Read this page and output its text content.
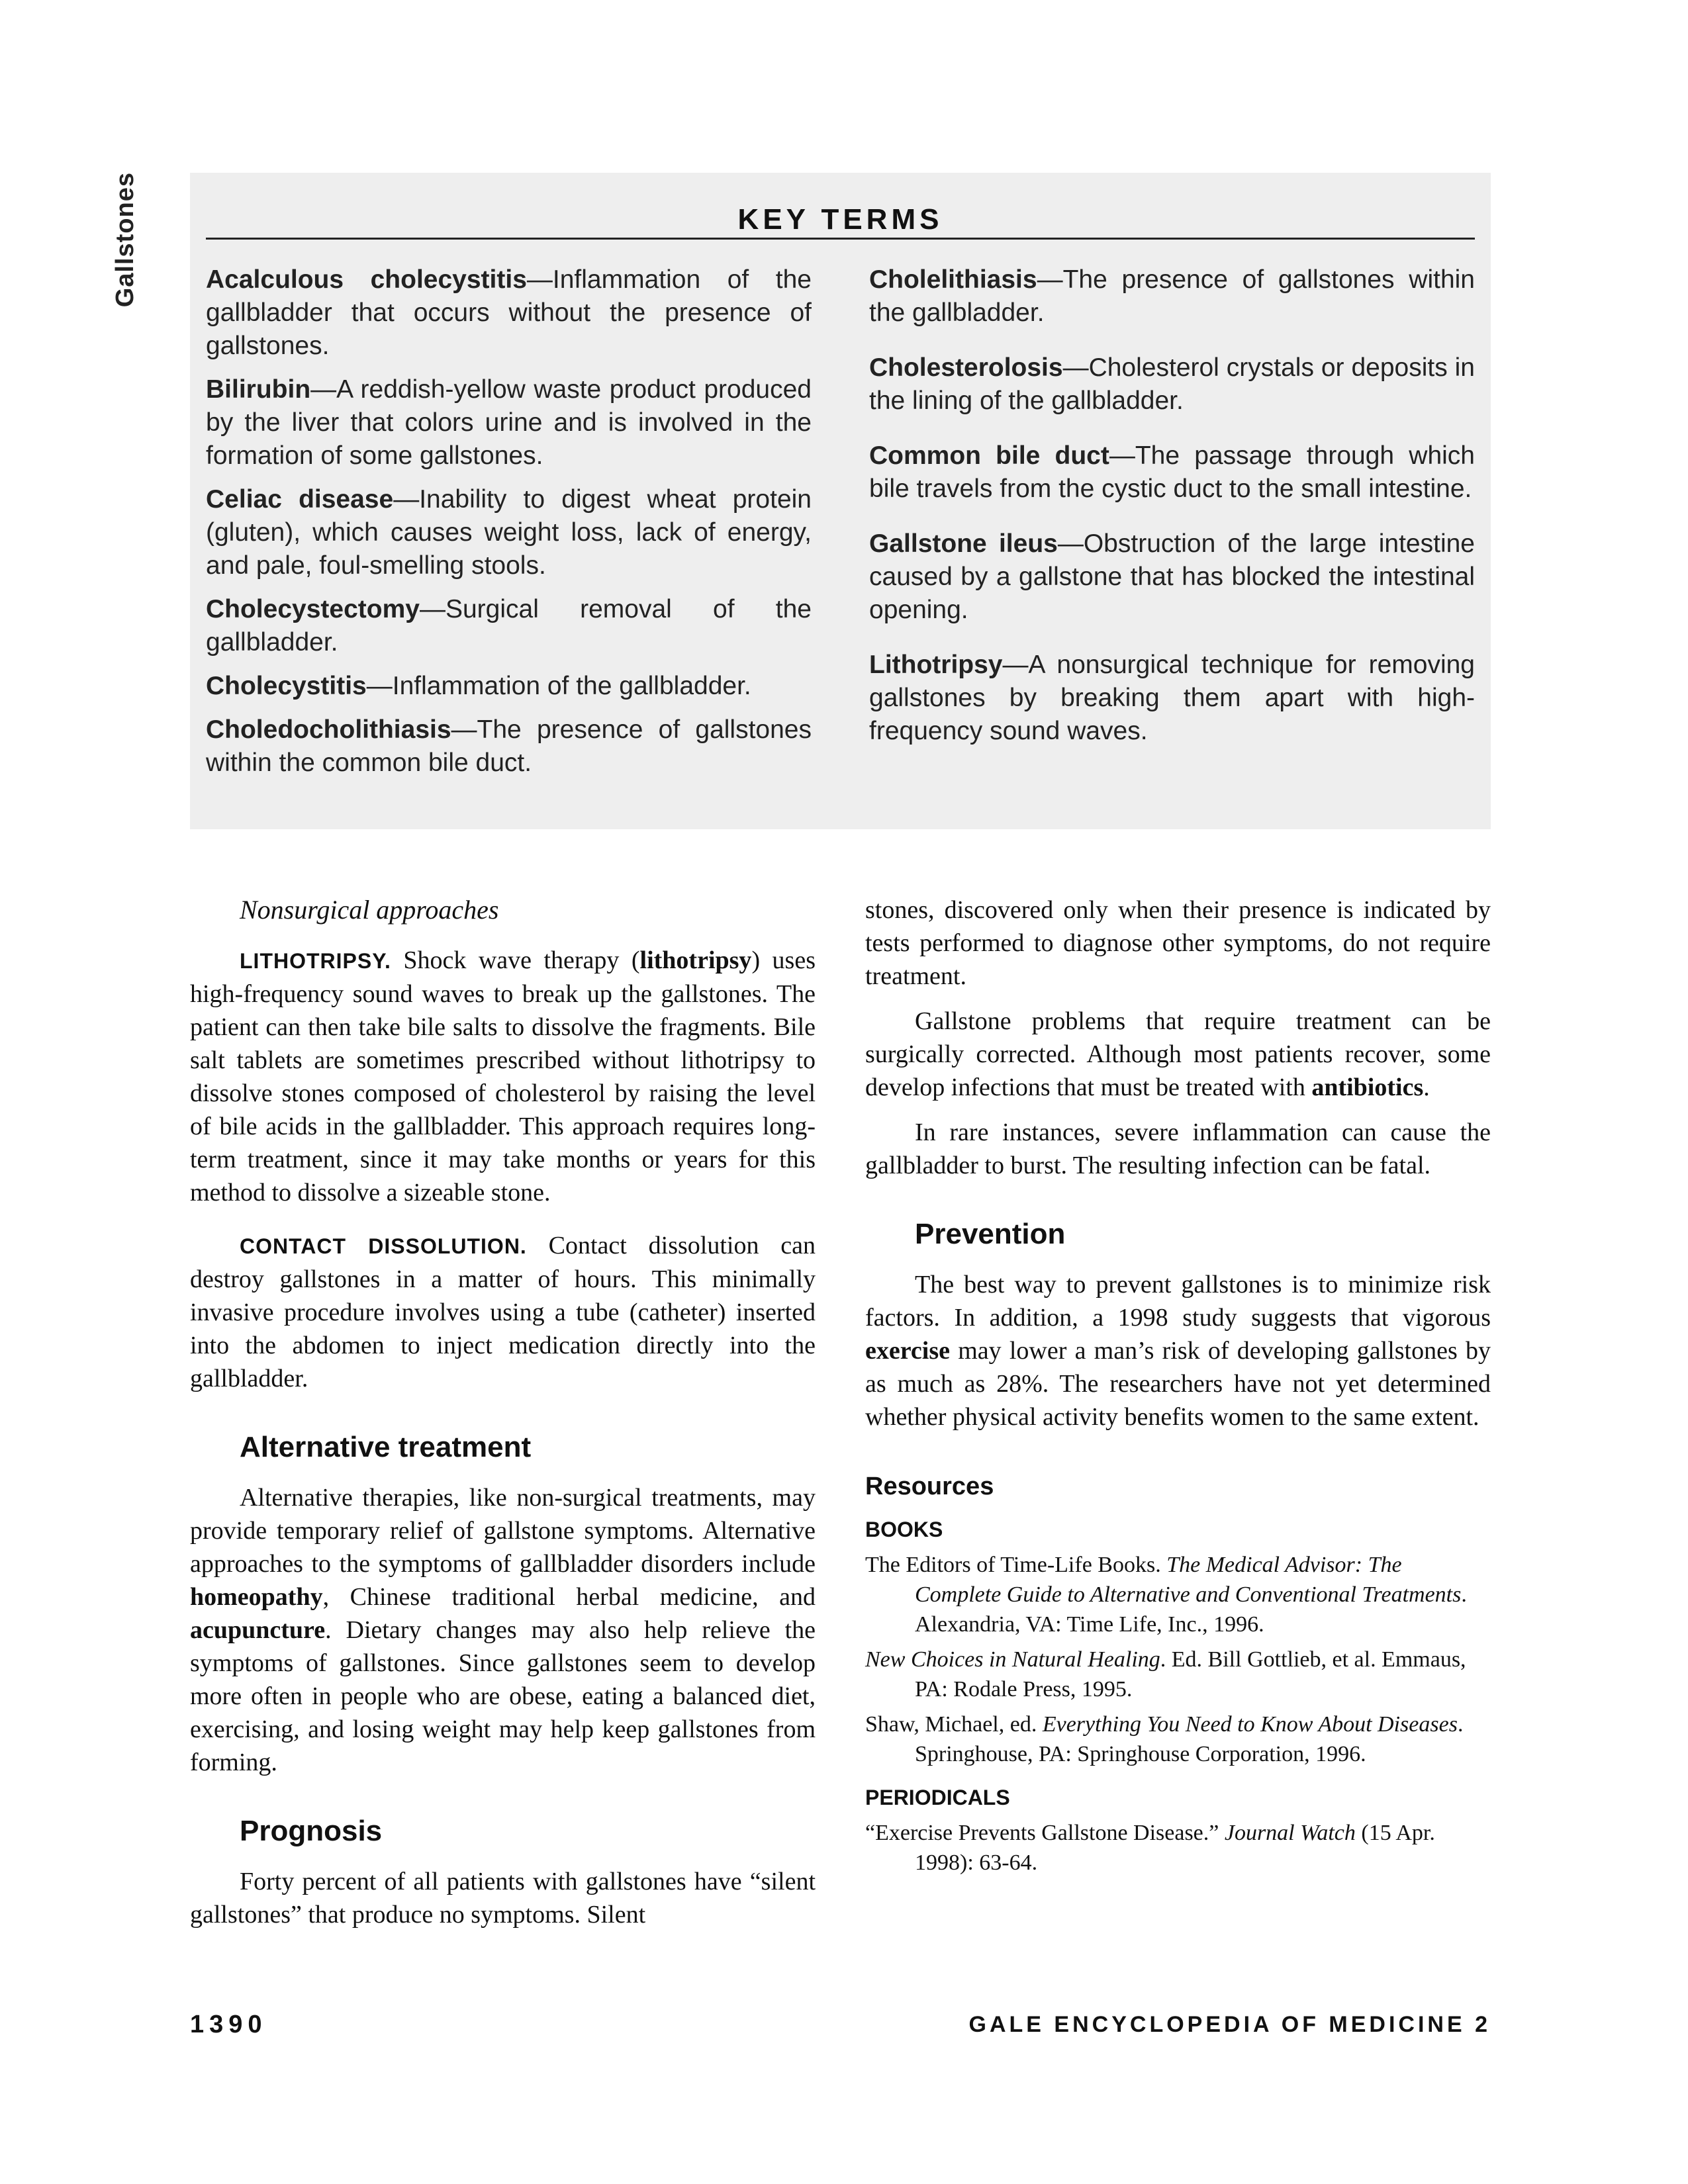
Gallstones	KEY TERMS
Acalculous cholecystitis—Inflammation of the gallbladder that occurs without the presence of gallstones.
Bilirubin—A reddish-yellow waste product produced by the liver that colors urine and is involved in the formation of some gallstones.
Celiac disease—Inability to digest wheat protein (gluten), which causes weight loss, lack of energy, and pale, foul-smelling stools.
Cholecystectomy—Surgical removal of the gallbladder.
Cholecystitis—Inflammation of the gallbladder.
Choledocholithiasis—The presence of gallstones within the common bile duct.
Cholelithiasis—The presence of gallstones within the gallbladder.
Cholesterolosis—Cholesterol crystals or deposits in the lining of the gallbladder.
Common bile duct—The passage through which bile travels from the cystic duct to the small intestine.
Gallstone ileus—Obstruction of the large intestine caused by a gallstone that has blocked the intestinal opening.
Lithotripsy—A nonsurgical technique for removing gallstones by breaking them apart with high-frequency sound waves.
Nonsurgical approaches

LITHOTRIPSY. Shock wave therapy (lithotripsy) uses high-frequency sound waves to break up the gallstones. The patient can then take bile salts to dissolve the fragments. Bile salt tablets are sometimes prescribed without lithotripsy to dissolve stones composed of cholesterol by raising the level of bile acids in the gallbladder. This approach requires long-term treatment, since it may take months or years for this method to dissolve a sizeable stone.

CONTACT DISSOLUTION. Contact dissolution can destroy gallstones in a matter of hours. This minimally invasive procedure involves using a tube (catheter) inserted into the abdomen to inject medication directly into the gallbladder.

Alternative treatment

Alternative therapies, like non-surgical treatments, may provide temporary relief of gallstone symptoms. Alternative approaches to the symptoms of gallbladder disorders include homeopathy, Chinese traditional herbal medicine, and acupuncture. Dietary changes may also help relieve the symptoms of gallstones. Since gallstones seem to develop more often in people who are obese, eating a balanced diet, exercising, and losing weight may help keep gallstones from forming.

Prognosis

Forty percent of all patients with gallstones have “silent gallstones” that produce no symptoms. Silent

stones, discovered only when their presence is indicated by tests performed to diagnose other symptoms, do not require treatment.

Gallstone problems that require treatment can be surgically corrected. Although most patients recover, some develop infections that must be treated with antibiotics.

In rare instances, severe inflammation can cause the gallbladder to burst. The resulting infection can be fatal.

Prevention

The best way to prevent gallstones is to minimize risk factors. In addition, a 1998 study suggests that vigorous exercise may lower a man’s risk of developing gallstones by as much as 28%. The researchers have not yet determined whether physical activity benefits women to the same extent.

Resources
BOOKS

The Editors of Time-Life Books. The Medical Advisor: The Complete Guide to Alternative and Conventional Treatments. Alexandria, VA: Time Life, Inc., 1996.

New Choices in Natural Healing. Ed. Bill Gottlieb, et al. Emmaus, PA: Rodale Press, 1995.

Shaw, Michael, ed. Everything You Need to Know About Diseases. Springhouse, PA: Springhouse Corporation, 1996.

PERIODICALS

“Exercise Prevents Gallstone Disease.” Journal Watch (15 Apr. 1998): 63-64.

1390	GALE ENCYCLOPEDIA OF MEDICINE 2
